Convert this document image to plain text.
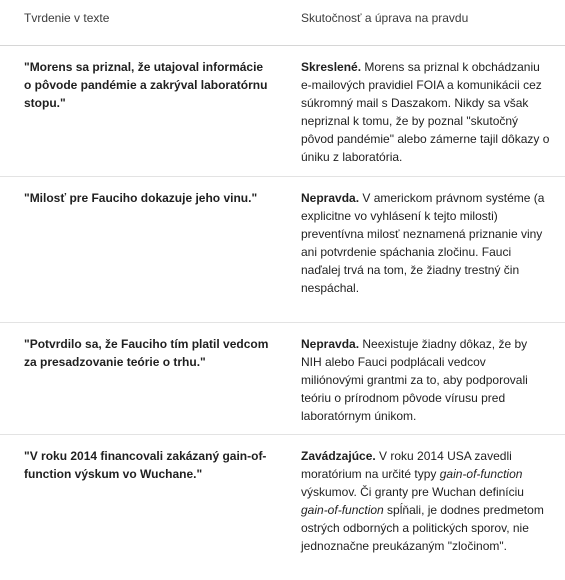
Tvrdenie v texte	Skutočnosť a úprava na pravdu
"Morens sa priznal, že utajoval informácie o pôvode pandémie a zakrýval laboratórnu stopu."
Skreslené. Morens sa priznal k obchádzaniu e-mailových pravidiel FOIA a komunikácii cez súkromný mail s Daszakom. Nikdy sa však nepriznal k tomu, že by poznal "skutočný pôvod pandémie" alebo zámerne tajil dôkazy o úniku z laboratória.
"Milosť pre Fauciho dokazuje jeho vinu."	Nepravda. V americkom právnom systéme (a explicitne vo vyhlásení k tejto milosti) preventívna milosť neznamená priznanie viny ani potvrdenie spáchania zločinu. Fauci naďalej trvá na tom, že žiadny trestný čin nespáchal.
"Potvrdilo sa, že Fauciho tím platil vedcom za presadzovanie teórie o trhu."
Nepravda. Neexistuje žiadny dôkaz, že by NIH alebo Fauci podplácali vedcov miliónovými grantmi za to, aby podporovali teóriu o prírodnom pôvode vírusu pred laboratórnym únikom.
"V roku 2014 financovali zakázaný gain-of-function výskum vo Wuchane."
Zavádzajúce. V roku 2014 USA zavedli moratórium na určité typy gain-of-function výskumov. Či granty pre Wuchan definíciu gain-of-function spĺňali, je dodnes predmetom ostrých odborných a politických sporov, nie jednoznačne preukázaným "zločinom".
